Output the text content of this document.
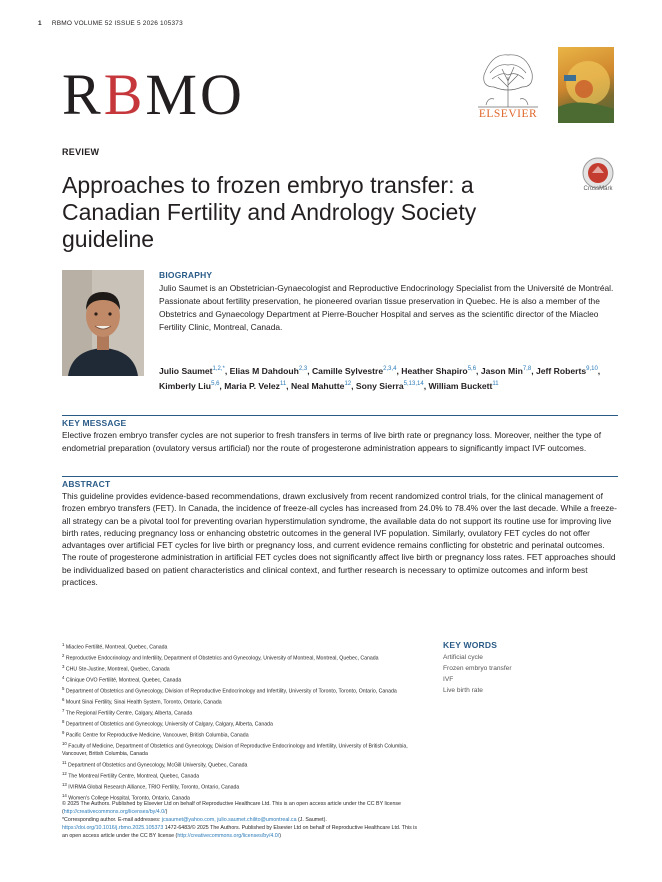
1 RBMO VOLUME 52 ISSUE 5 2026 105373
RBMO	ELSEVIER
REVIEW
Approaches to frozen embryo transfer: a Canadian Fertility and Andrology Society guideline
CrossMark
BIOGRAPHY
Julio Saumet is an Obstetrician-Gynaecologist and Reproductive Endocrinology Specialist from the Université de Montréal. Passionate about fertility preservation, he pioneered ovarian tissue preservation in Quebec. He is also a member of the Obstetrics and Gynaecology Department at Pierre-Boucher Hospital and serves as the scientific director of the Miacleo Fertility Clinic, Montreal, Canada.
Julio Saumet$^{1,2,*}$, Elias M Dahdouh$^{2,3}$, Camille Sylvestre$^{2,3,4}$, Heather Shapiro$^{5,6}$, Jason Min$^{7,8}$, Jeff Roberts$^{9,10}$, Kimberly Liu$^{5,6}$, Maria P. Velez$^{11}$, Neal Mahutte$^{12}$, Sony Sierra$^{5,13,14}$, William Buckett$^{11}$
KEY MESSAGE
Elective frozen embryo transfer cycles are not superior to fresh transfers in terms of live birth rate or pregnancy loss. Moreover, neither the type of endometrial preparation (ovulatory versus artificial) nor the route of progesterone administration appears to significantly impact IVF outcomes.
ABSTRACT
This guideline provides evidence-based recommendations, drawn exclusively from recent randomized control trials, for the clinical management of frozen embryo transfers (FET). In Canada, the incidence of freeze-all cycles has increased from 24.0% to 78.4% over the last decade. While a freeze-all strategy can be a pivotal tool for preventing ovarian hyperstimulation syndrome, the available data do not support its routine use for improving live birth rates, reducing pregnancy loss or enhancing obstetric outcomes in the general IVF population. Similarly, ovulatory FET cycles do not offer advantages over artificial FET cycles for live birth or pregnancy loss, and current evidence remains conflicting for obstetric and perinatal outcomes. The route of progesterone administration in artificial FET cycles does not significantly affect live birth or pregnancy loss rates. FET approaches should be individualized based on patient characteristics and clinical context, and further research is necessary to optimize outcomes and inform best practices.
$^1$ Miacleo Fertilité, Montreal, Quebec, Canada
$^2$ Reproductive Endocrinology and Infertility, Department of Obstetrics and Gynecology, University of Montreal, Montreal, Quebec, Canada
$^3$ CHU Ste-Justine, Montreal, Quebec, Canada
$^4$ Clinique OVO Fertilité, Montreal, Quebec, Canada
$^5$ Department of Obstetrics and Gynecology, Division of Reproductive Endocrinology and Infertility, University of Toronto, Toronto, Ontario, Canada
$^6$ Mount Sinai Fertility, Sinai Health System, Toronto, Ontario, Canada
$^7$ The Regional Fertility Centre, Calgary, Alberta, Canada
$^8$ Department of Obstetrics and Gynecology, University of Calgary, Calgary, Alberta, Canada
$^9$ Pacific Centre for Reproductive Medicine, Vancouver, British Columbia, Canada
$^{10}$ Faculty of Medicine, Department of Obstetrics and Gynecology, Division of Reproductive Endocrinology and Infertility, University of British Columbia, Vancouver, British Columbia, Canada
$^{11}$ Department of Obstetrics and Gynecology, McGill University, Quebec, Canada
$^{12}$ The Montreal Fertility Centre, Montreal, Quebec, Canada
$^{13}$ IVIRMA Global Research Alliance, TRIO Fertility, Toronto, Ontario, Canada
$^{14}$ Women's College Hospital, Toronto, Ontario, Canada
KEY WORDS
Artificial cycle
Frozen embryo transfer
IVF
Live birth rate
© 2025 The Authors. Published by Elsevier Ltd on behalf of Reproductive Healthcare Ltd. This is an open access article under the CC BY license (http://creativecommons.org/licenses/by/4.0/)
*Corresponding author. E-mail addresses: jcsaumet@yahoo.com, julio.saumet.chilito@umontreal.ca (J. Saumet). https://doi.org/10.1016/j.rbmo.2025.105373 1472-6483/© 2025 The Authors. Published by Elsevier Ltd on behalf of Reproductive Healthcare Ltd. This is an open access article under the CC BY license (http://creativecommons.org/licenses/by/4.0/)
